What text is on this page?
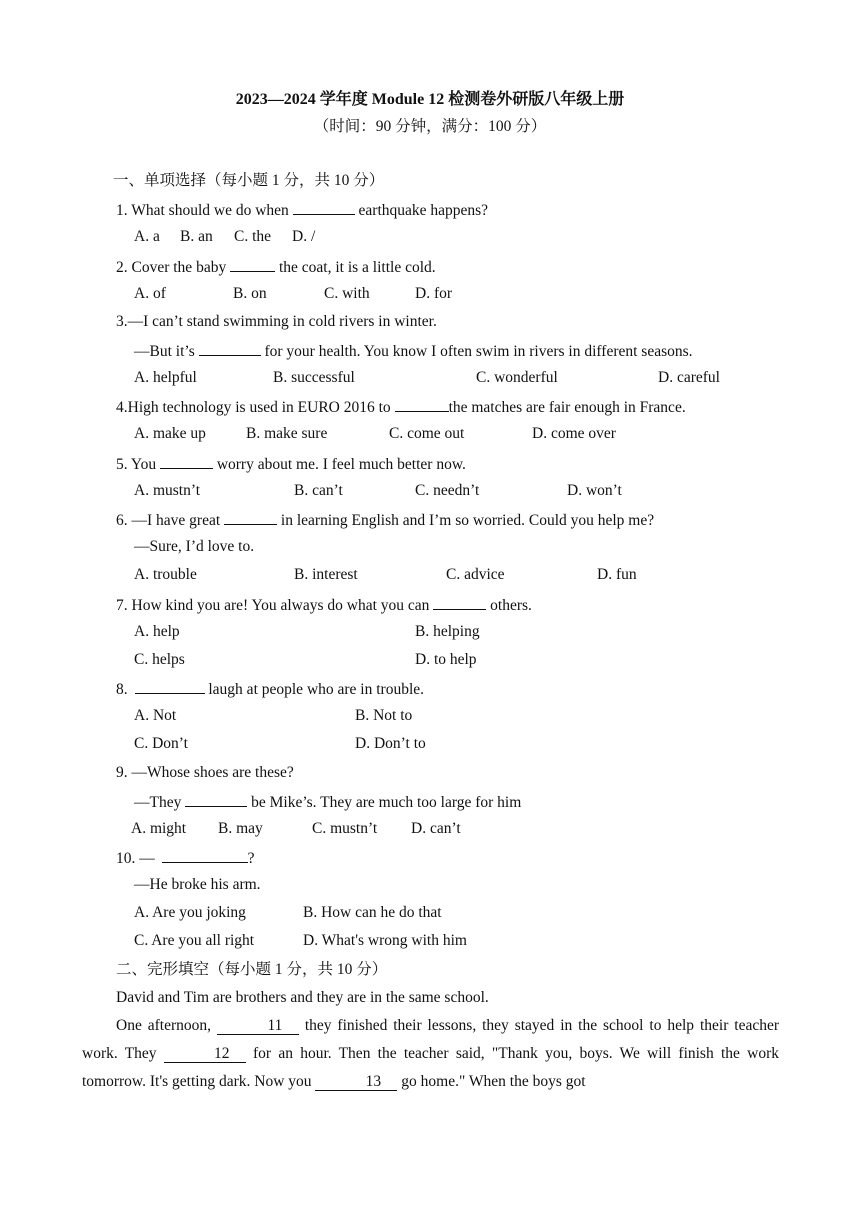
2023—2024 学年度 Module 12 检测卷外研版八年级上册
（时间：90 分钟，满分：100 分）
一、单项选择（每小题 1 分，共 10 分）
1. What should we do when	earthquake happens?
A. a B. an C. the D. /
2. Cover the baby	the coat, it is a little cold.
A. of	B. on	C. with	D. for
3.—I can’t stand swimming in cold rivers in winter.
—But it’s	for your health. You know I often swim in rivers in different seasons.
A. helpful	B. successful	C. wonderful	D. careful
4.High technology is used in EURO 2016 to	the matches are fair enough in France.
A. make up	B. make sure	C. come out	D. come over
5. You	worry about me. I feel much better now.
A. mustn’t	B. can’t	C. needn’t	D. won’t
6. —I have great	in learning English and I’m so worried. Could you help me?
—Sure, I’d love to.
A. trouble	B. interest	C. advice	D. fun
7. How kind you are! You always do what you can	others.
A. help	B. helping
C. helps	D. to help
8.	laugh at people who are in trouble.
A. Not	B. Not to
C. Don’t	D. Don’t to
9. —Whose shoes are these?
—They	be Mike’s. They are much too large for him
A. might B. may	C. mustn’t D. can’t
10. —	?
—He broke his arm.
A. Are you joking	B. How can he do that
C. Are you all right	D. What's wrong with him
二、完形填空（每小题 1 分，共 10 分）
David and Tim are brothers and they are in the same school.
One afternoon,	11 they finished their lessons, they stayed in the school to help their teacher work. They	12 for an hour. Then the teacher said, "Thank you, boys. We will finish the work tomorrow. It's getting dark. Now you	13 go home." When the boys got
